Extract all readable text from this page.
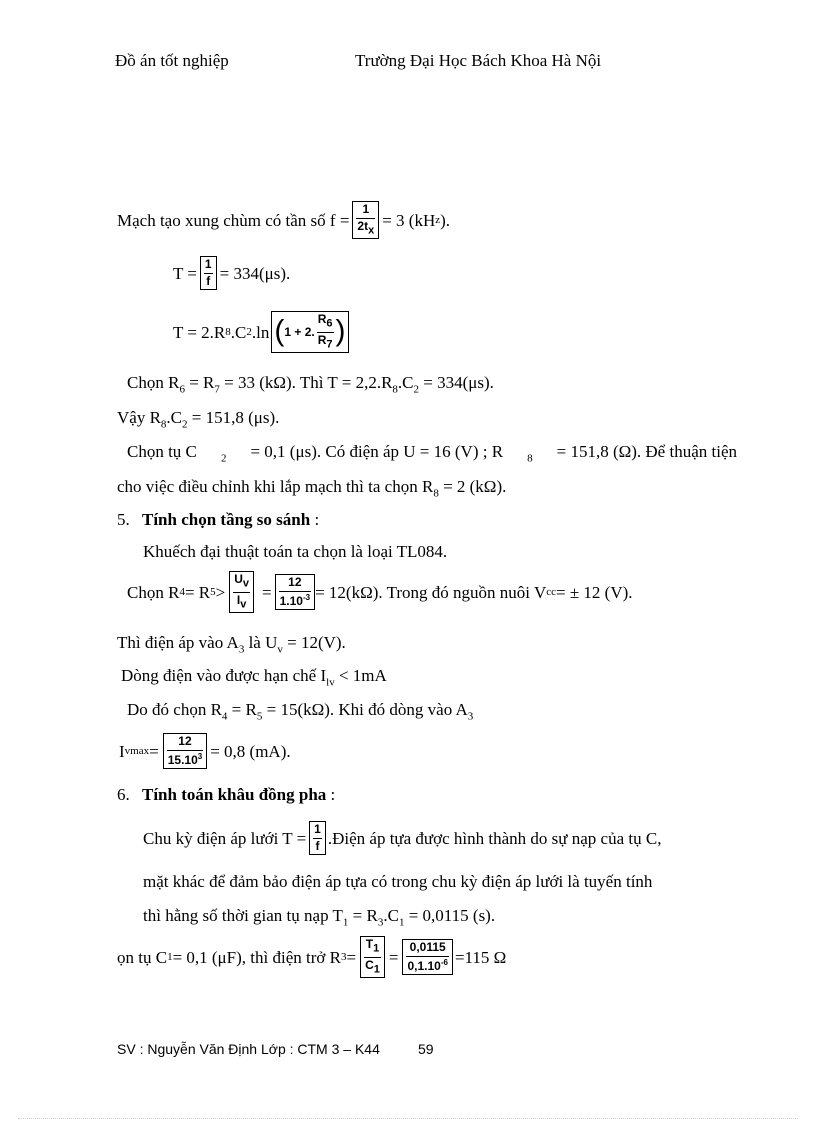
Đồ án tốt nghiệp	Trường Đại Học Bách Khoa Hà Nội
Mạch tạo xung chùm có tần số $f = \frac{1}{2t_x} = 3$ (kH z ).
$T = \frac{1}{f} = 334(\mu s)$.
T = 2.R 8 .C 2 .ln (1 + 2. $\frac{R_6}{R_7}$ )
Chọn $R_6 = R_7 = 33$ (kΩ). Thì $T = 2,2.R_8.C_2 = 334(\mu s)$.
Vậy $R_8.C_2 = 151,8$ (μs).
Chọn tụ C $_2$ = 0,1 (μs). Có điện áp U = 16 (V) ; R $_8$ = 151,8 (Ω). Để thuận tiện
cho việc điều chỉnh khi lắp mạch thì ta chọn $R_8 = 2$ (kΩ).
5. Tính chọn tầng so sánh :
Khuếch đại thuật toán ta chọn là loại TL084.
Chọn R 4 = R $5 > \frac{U_v}{I_v} = \frac{12}{1.10^{-3}} = 12(k\Omega)$. Trong đó nguồn nuôi V cc = ± 12 (V).
Thì điện áp vào $A_3$ là $U_v = 12(V)$.
Dòng điện vào được hạn chế $I_{lv} < 1mA$
Do đó chọn $R_4 = R_5 = 15(k\Omega)$. Khi đó dòng vào $A_3$
I $vmax = \frac{12}{15.10^3} = 0,8$ (mA).
6. Tính toán khâu đồng pha :
Chu kỳ điện áp lưới $T = \frac{1}{f}$ .Điện áp tựa được hình thành do sự nạp của tụ C,
mặt khác để đảm bảo điện áp tựa có trong chu kỳ điện áp lưới là tuyến tính
thì hằng số thời gian tụ nạp $T_1 = R_3.C_1 = 0,0115$ (s).
ọn tụ C 1 = 0,1 (μF), thì điện trở R $3 = \frac{T_1}{C_1} = \frac{0,0115}{0,1.10^{-6}} =115$ Ω
SV : Nguyễn Văn Định Lớp : CTM 3 – K44	59
